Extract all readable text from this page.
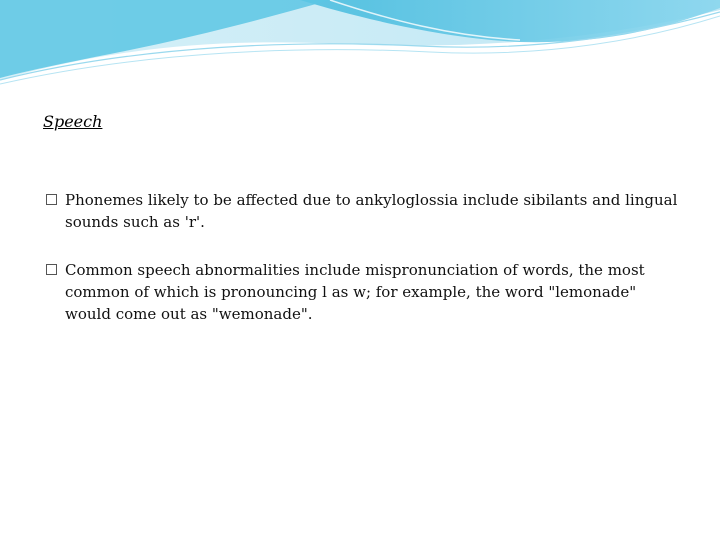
Speech
Phonemes likely to be affected due to ankyloglossia include sibilants and lingual sounds such as 'r'.
Common speech abnormalities include mispronunciation of words, the most common of which is pronouncing l as w; for example, the word "lemonade" would come out as "wemonade".
